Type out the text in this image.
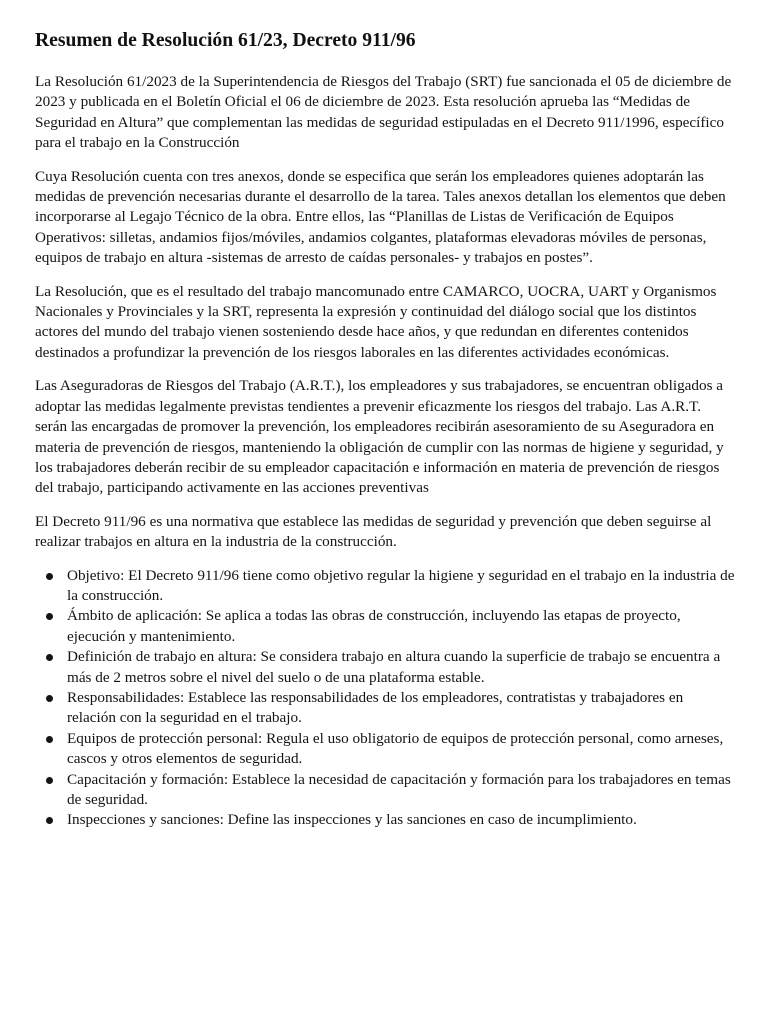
Resumen de Resolución 61/23, Decreto 911/96

La Resolución 61/2023 de la Superintendencia de Riesgos del Trabajo (SRT) fue sancionada el 05 de diciembre de 2023 y publicada en el Boletín Oficial el 06 de diciembre de 2023. Esta resolución aprueba las “Medidas de Seguridad en Altura” que complementan las medidas de seguridad estipuladas en el Decreto 911/1996, específico para el trabajo en la Construcción

Cuya Resolución cuenta con tres anexos, donde se especifica que serán los empleadores quienes adoptarán las medidas de prevención necesarias durante el desarrollo de la tarea. Tales anexos detallan los elementos que deben incorporarse al Legajo Técnico de la obra. Entre ellos, las “Planillas de Listas de Verificación de Equipos Operativos: silletas, andamios fijos/móviles, andamios colgantes, plataformas elevadoras móviles de personas, equipos de trabajo en altura -sistemas de arresto de caídas personales- y trabajos en postes”.

La Resolución, que es el resultado del trabajo mancomunado entre CAMARCO, UOCRA, UART y Organismos Nacionales y Provinciales y la SRT, representa la expresión y continuidad del diálogo social que los distintos actores del mundo del trabajo vienen sosteniendo desde hace años, y que redundan en diferentes contenidos destinados a profundizar la prevención de los riesgos laborales en las diferentes actividades económicas.

Las Aseguradoras de Riesgos del Trabajo (A.R.T.), los empleadores y sus trabajadores, se encuentran obligados a adoptar las medidas legalmente previstas tendientes a prevenir eficazmente los riesgos del trabajo. Las A.R.T. serán las encargadas de promover la prevención, los empleadores recibirán asesoramiento de su Aseguradora en materia de prevención de riesgos, manteniendo la obligación de cumplir con las normas de higiene y seguridad, y los trabajadores deberán recibir de su empleador capacitación e información en materia de prevención de riesgos del trabajo, participando activamente en las acciones preventivas

El Decreto 911/96 es una normativa que establece las medidas de seguridad y prevención que deben seguirse al realizar trabajos en altura en la industria de la construcción.

Objetivo: El Decreto 911/96 tiene como objetivo regular la higiene y seguridad en el trabajo en la industria de la construcción.
Ámbito de aplicación: Se aplica a todas las obras de construcción, incluyendo las etapas de proyecto, ejecución y mantenimiento.
Definición de trabajo en altura: Se considera trabajo en altura cuando la superficie de trabajo se encuentra a más de 2 metros sobre el nivel del suelo o de una plataforma estable.
Responsabilidades: Establece las responsabilidades de los empleadores, contratistas y trabajadores en relación con la seguridad en el trabajo.
Equipos de protección personal: Regula el uso obligatorio de equipos de protección personal, como arneses, cascos y otros elementos de seguridad.
Capacitación y formación: Establece la necesidad de capacitación y formación para los trabajadores en temas de seguridad.
Inspecciones y sanciones: Define las inspecciones y las sanciones en caso de incumplimiento.
